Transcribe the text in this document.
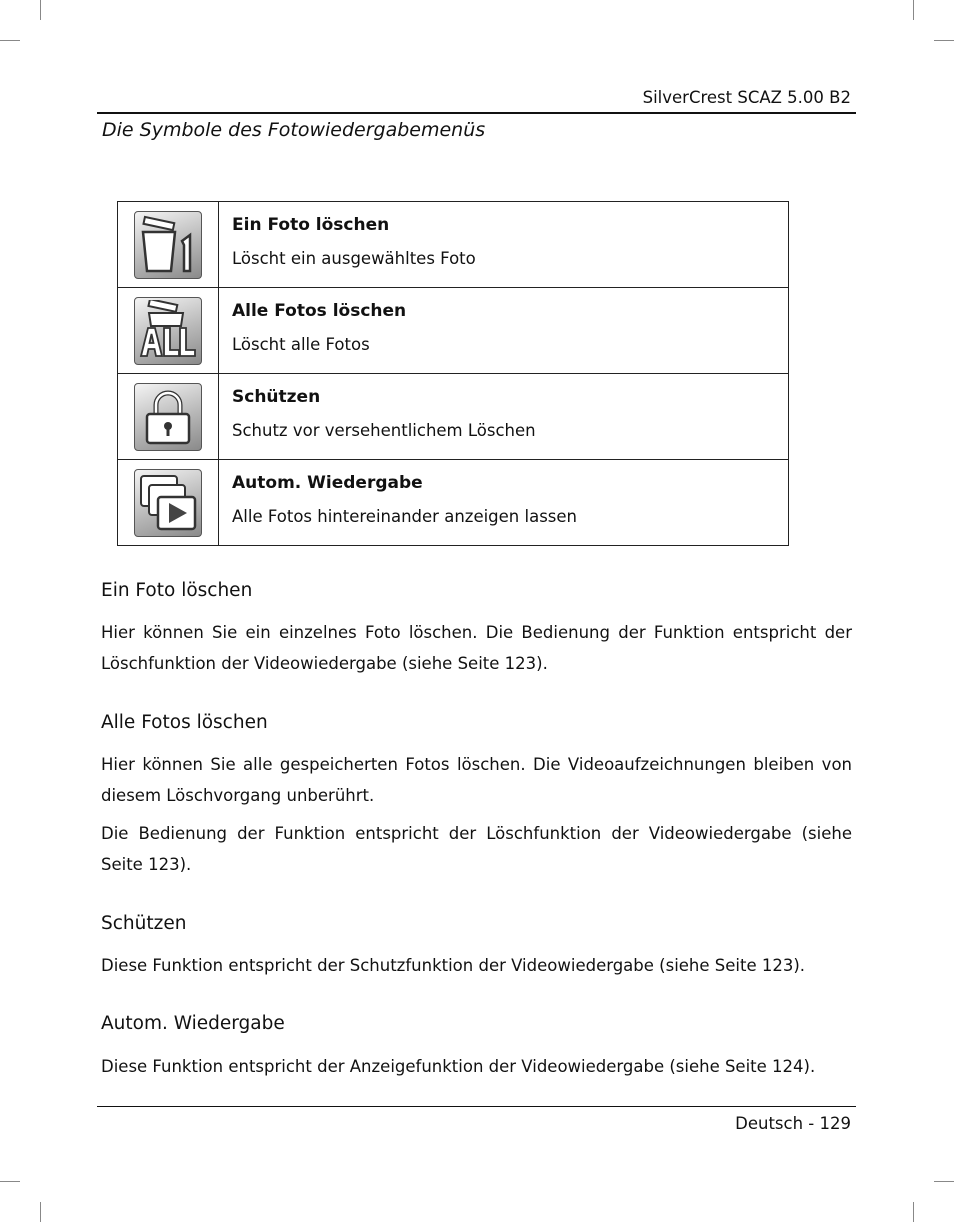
SilverCrest SCAZ 5.00 B2
Die Symbole des Fotowiedergabemenüs

Ein Foto löschen
Löscht ein ausgewähltes Foto

Alle Fotos löschen
Löscht alle Fotos

Schützen
Schutz vor versehentlichem Löschen

Autom. Wiedergabe
Alle Fotos hintereinander anzeigen lassen
Ein Foto löschen

Hier können Sie ein einzelnes Foto löschen. Die Bedienung der Funktion entspricht der Löschfunktion der Videowiedergabe (siehe Seite 123).

Alle Fotos löschen

Hier können Sie alle gespeicherten Fotos löschen. Die Videoaufzeichnungen bleiben von diesem Löschvorgang unberührt.

Die Bedienung der Funktion entspricht der Löschfunktion der Videowiedergabe (siehe Seite 123).

Schützen

Diese Funktion entspricht der Schutzfunktion der Videowiedergabe (siehe Seite 123).

Autom. Wiedergabe

Diese Funktion entspricht der Anzeigefunktion der Videowiedergabe (siehe Seite 124).

Deutsch - 129
